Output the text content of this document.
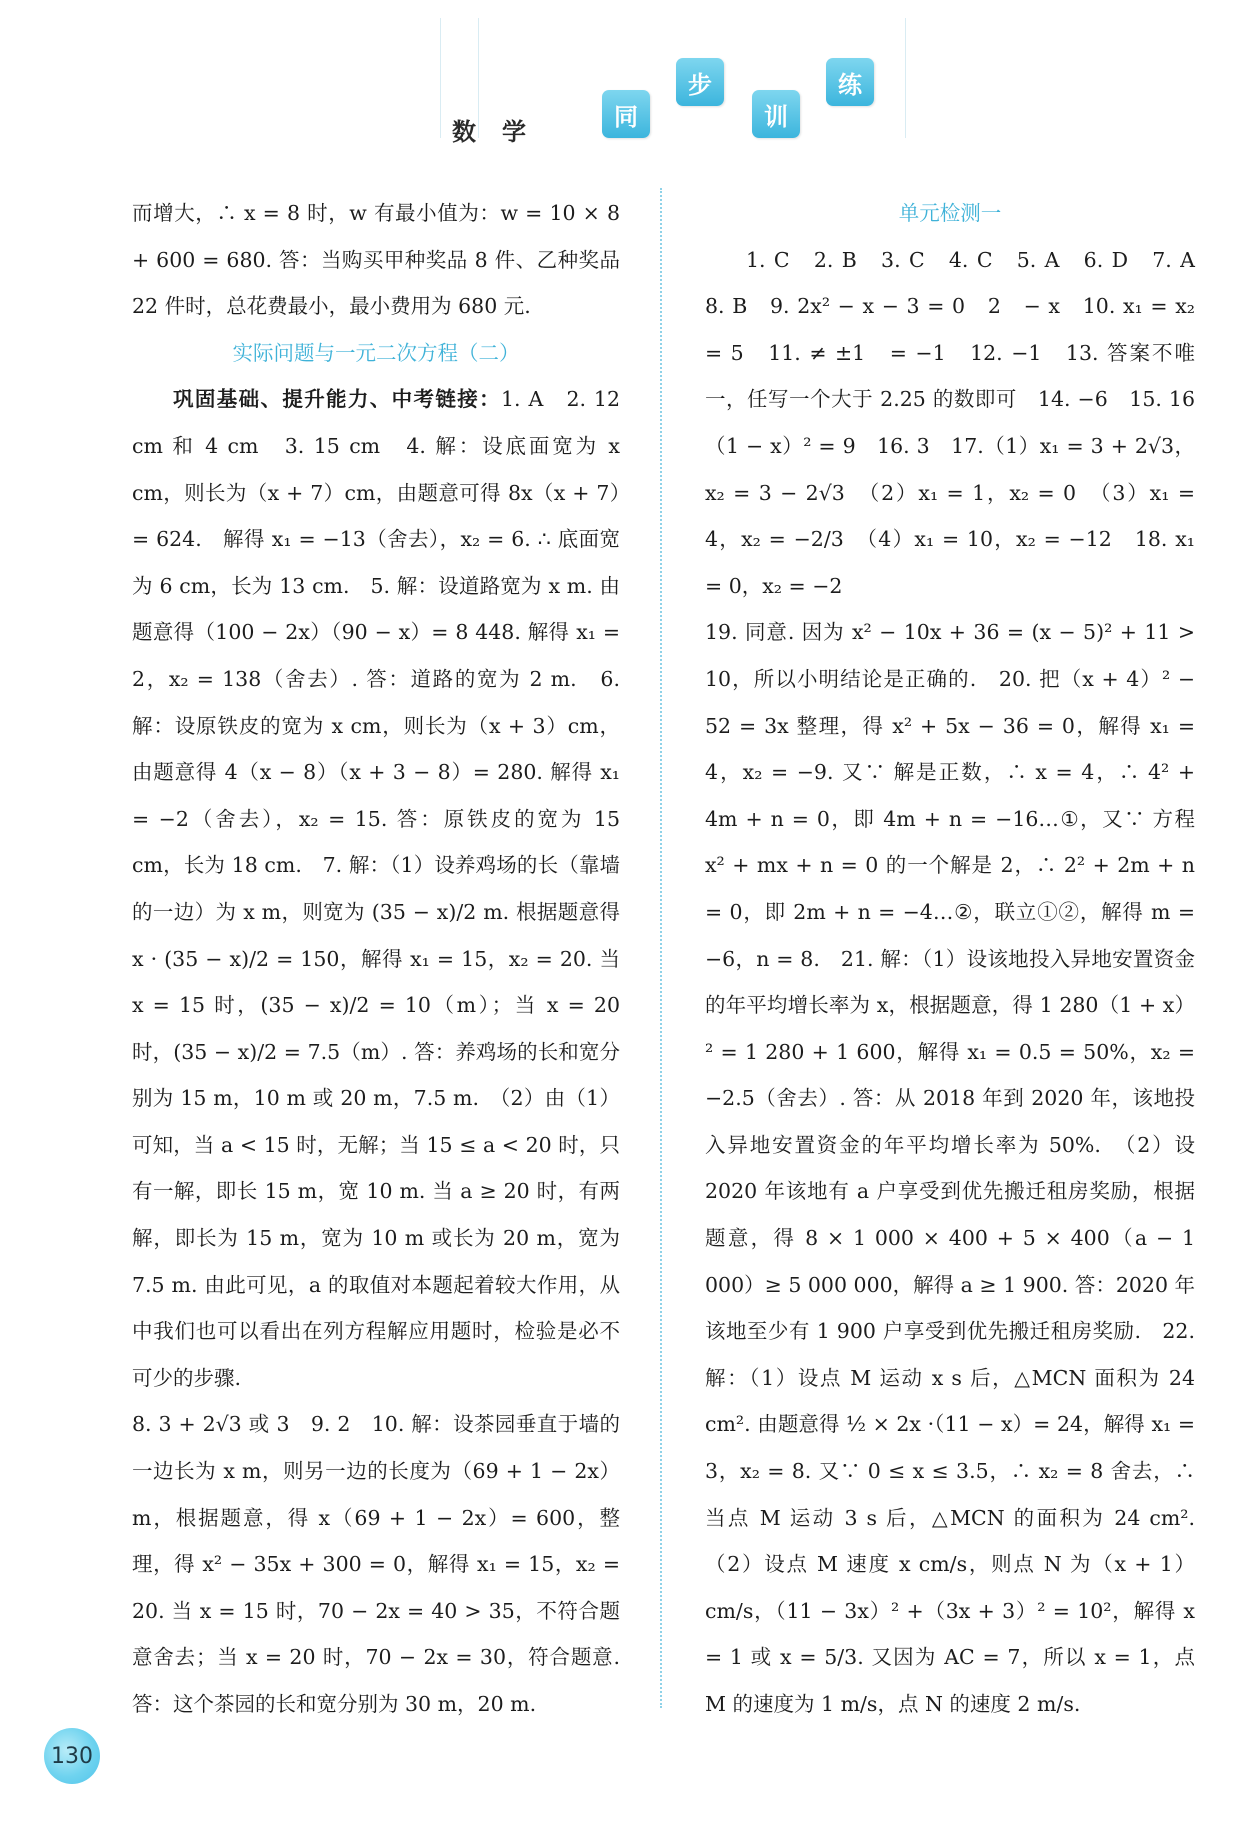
数学
同
步
训
练

而增大，∴ x = 8 时，w 有最小值为：w = 10 × 8 + 600 = 680. 答：当购买甲种奖品 8 件、乙种奖品 22 件时，总花费最小，最小费用为 680 元.

实际问题与一元二次方程（二）

巩固基础、提升能力、中考链接：1. A　2. 12 cm 和 4 cm　3. 15 cm　4. 解：设底面宽为 x cm，则长为（x + 7）cm，由题意可得 8x（x + 7）= 624.　解得 x₁ = −13（舍去），x₂ = 6. ∴ 底面宽为 6 cm，长为 13 cm.　5. 解：设道路宽为 x m. 由题意得（100 − 2x）（90 − x）= 8 448. 解得 x₁ = 2，x₂ = 138（舍去）. 答：道路的宽为 2 m.　6. 解：设原铁皮的宽为 x cm，则长为（x + 3）cm，由题意得 4（x − 8）（x + 3 − 8）= 280. 解得 x₁ = −2（舍去），x₂ = 15. 答：原铁皮的宽为 15 cm，长为 18 cm.　7. 解：（1）设养鸡场的长（靠墙的一边）为 x m，则宽为 (35 − x)/2 m. 根据题意得 x · (35 − x)/2 = 150，解得 x₁ = 15，x₂ = 20. 当 x = 15 时，(35 − x)/2 = 10（m）；当 x = 20 时，(35 − x)/2 = 7.5（m）. 答：养鸡场的长和宽分别为 15 m，10 m 或 20 m，7.5 m.　（2）由（1）可知，当 a < 15 时，无解；当 15 ≤ a < 20 时，只有一解，即长 15 m，宽 10 m. 当 a ≥ 20 时，有两解，即长为 15 m，宽为 10 m 或长为 20 m，宽为 7.5 m. 由此可见，a 的取值对本题起着较大作用，从中我们也可以看出在列方程解应用题时，检验是必不可少的步骤.

8. 3 + 2√3 或 3　9. 2　10. 解：设茶园垂直于墙的一边长为 x m，则另一边的长度为（69 + 1 − 2x）m，根据题意，得 x（69 + 1 − 2x）= 600，整理，得 x² − 35x + 300 = 0，解得 x₁ = 15，x₂ = 20. 当 x = 15 时，70 − 2x = 40 > 35，不符合题意舍去；当 x = 20 时，70 − 2x = 30，符合题意. 答：这个茶园的长和宽分别为 30 m，20 m.

单元检测一

1. C　2. B　3. C　4. C　5. A　6. D　7. A　8. B　9. 2x² − x − 3 = 0　2　− x　10. x₁ = x₂ = 5　11. ≠ ±1　= −1　12. −1　13. 答案不唯一，任写一个大于 2.25 的数即可　14. −6　15. 16（1 − x）² = 9　16. 3　17.（1）x₁ = 3 + 2√3，x₂ = 3 − 2√3　（2）x₁ = 1，x₂ = 0　（3）x₁ = 4，x₂ = −2/3　（4）x₁ = 10，x₂ = −12　18. x₁ = 0，x₂ = −2

19. 同意. 因为 x² − 10x + 36 = (x − 5)² + 11 > 10，所以小明结论是正确的.　20. 把（x + 4）² − 52 = 3x 整理，得 x² + 5x − 36 = 0，解得 x₁ = 4，x₂ = −9. 又∵ 解是正数，∴ x = 4，∴ 4² + 4m + n = 0，即 4m + n = −16…①，又∵ 方程 x² + mx + n = 0 的一个解是 2，∴ 2² + 2m + n = 0，即 2m + n = −4…②，联立①②，解得 m = −6，n = 8.　21. 解：（1）设该地投入异地安置资金的年平均增长率为 x，根据题意，得 1 280（1 + x）² = 1 280 + 1 600，解得 x₁ = 0.5 = 50%，x₂ = −2.5（舍去）. 答：从 2018 年到 2020 年，该地投入异地安置资金的年平均增长率为 50%.　（2）设 2020 年该地有 a 户享受到优先搬迁租房奖励，根据题意，得 8 × 1 000 × 400 + 5 × 400（a − 1 000）≥ 5 000 000，解得 a ≥ 1 900. 答：2020 年该地至少有 1 900 户享受到优先搬迁租房奖励.　22. 解：（1）设点 M 运动 x s 后，△MCN 面积为 24 cm². 由题意得 ½ × 2x ·（11 − x）= 24，解得 x₁ = 3，x₂ = 8. 又∵ 0 ≤ x ≤ 3.5，∴ x₂ = 8 舍去，∴ 当点 M 运动 3 s 后，△MCN 的面积为 24 cm².　（2）设点 M 速度 x cm/s，则点 N 为（x + 1）cm/s，（11 − 3x）² +（3x + 3）² = 10²，解得 x = 1 或 x = 5/3. 又因为 AC = 7，所以 x = 1，点 M 的速度为 1 m/s，点 N 的速度 2 m/s.

130
